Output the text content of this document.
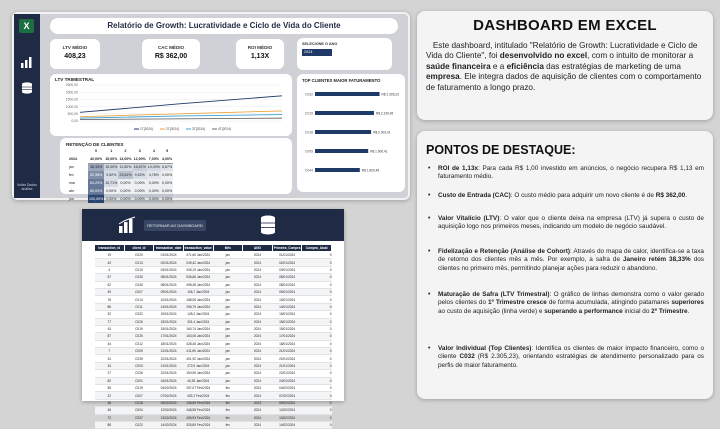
X
Voltar Dados análise
Relatório de Growth: Lucratividade e Ciclo de Vida do Cliente
LTV MÉDIO
408,23
CAC MÉDIO
R$ 362,00
ROI MÉDIO
1,13X
SELECIONE O ANO
2024
LTV TRIMESTRAL
2500,00
2000,00
1500,00
1000,00
500,00
0,00
1T(2024)	2T(2024)	3T(2024)	4T(2024)
TOP CLIENTES MAIOR FATURAMENTO
C032	R$ 2.305,23
C015	R$ 2.105,45
C018	R$ 2.003,41
C005	R$ 1.900,41
C044	R$ 1.600,45
RETENÇÃO DE CLIENTES
	0	1	2	3	4	5
2024	40,00%	15,00%	13,00%	12,00%	7,00%	4,00%
jan	38,33%	15,00%	11,50%	16,67%	10,00%	6,67%
fev	52,38%	9,52%	23,81%	9,52%	4,76%	0,00%
mar	64,29%	10,71%	0,00%	0,00%	0,00%	0,00%
abr	65,00%	0,00%	0,00%	0,00%	0,00%	0,00%
jun	100,00%	0,00%	0,00%	0,00%	0,00%	0,00%
RETORNAR AO DASHBOARD
transaction_id	client_id	transaction_date	transaction_value	Mês	ANO	Primeira_Compra	Compra_Atual
19	C020	01/01/2024	471,60 Jan/2024	jan	2024	01/01/2024	0
40	C013	02/01/2024	249,42 Jan/2024	jan	2024	02/01/2024	0
4	C010	03/01/2024	335,19 Jan/2024	jan	2024	03/01/2024	0
57	C030	08/01/2024	536,66 Jan/2024	jan	2024	08/01/2024	0
62	C045	08/01/2024	498,38 Jan/2024	jan	2024	08/01/2024	0
49	C007	09/01/2024	106,7 Jan/2024	jan	2024	09/01/2024	0
78	C014	10/01/2024	188,06 Jan/2024	jan	2024	10/01/2024	0
86	C011	14/01/2024	296,79 Jan/2024	jan	2024	14/01/2024	0
32	C032	15/01/2024	145,2 Jan/2024	jan	2024	15/01/2024	0
77	C026	15/01/2024	331,4 Jan/2024	jan	2024	15/01/2024	0
43	C019	15/01/2024	160,74 Jan/2024	jan	2024	15/01/2024	0
87	C025	17/01/2024	163,06 Jan/2024	jan	2024	17/01/2024	0
44	C012	18/01/2024	428,45 Jan/2024	jan	2024	18/01/2024	0
7	C009	21/01/2024	411,69 Jan/2024	jan	2024	21/01/2024	0
24	C039	22/01/2024	401,92 Jan/2024	jan	2024	22/01/2024	0
24	C003	21/01/2024	272,9 Jan/2024	jan	2024	21/01/2024	0
27	C026	22/01/2024	153,96 Jan/2024	jan	2024	22/01/2024	0
82	C001	24/01/2024	40,35 Jan/2024	jan	2024	24/01/2024	0
55	C019	04/02/2024	257,07 Fev/2024	fev	2024	04/02/2024	0
22	C007	07/02/2024	402,2 Fev/2024	fev	2024	07/02/2024	0
48	C016	09/02/2024	136,69 Fev/2024	fev	2024	09/02/2024	0
46	C004	12/02/2024	448,58 Fev/2024	fev	2024	12/02/2024	0
72	C037	13/02/2024	436,93 Fev/2024	fev	2024	13/02/2024	0
88	C022	14/02/2024	325,89 Fev/2024	fev	2024	14/02/2024	0
DASHBOARD EM EXCEL
Este dashboard, intitulado "Relatório de Growth: Lucratividade e Ciclo de Vida do Cliente", foi desenvolvido no excel, com o intuito de monitorar a saúde financeira e a eficiência das estratégias de marketing de uma empresa. Ele integra dados de aquisição de clientes com o comportamento de faturamento a longo prazo.
PONTOS DE DESTAQUE:
• ROI de 1,13x: Para cada R$ 1,00 investido em anúncios, o negócio recupera R$ 1,13 em faturamento médio.
• Custo de Entrada (CAC): O custo médio para adquirir um novo cliente é de R$ 362,00.
• Valor Vitalício (LTV): O valor que o cliente deixa na empresa (LTV) já supera o custo de aquisição logo nos primeiros meses, indicando um modelo de negócio saudável.
• Fidelização e Retenção (Análise de Cohort): Através do mapa de calor, identifica-se a taxa de retorno dos clientes mês a mês. Por exemplo, a safra de Janeiro retém 38,33% dos clientes no primeiro mês, permitindo planejar ações para reduzir o abandono.
• Maturação de Safra (LTV Trimestral): O gráfico de linhas demonstra como o valor gerado pelos clientes do 1º Trimestre cresce de forma acumulada, atingindo patamares superiores ao custo de aquisição (linha verde) e superando a performance inicial do 2º Trimestre.
• Valor Individual (Top Clientes): Identifica os clientes de maior impacto financeiro, como o cliente C032 (R$ 2.305,23), orientando estratégias de atendimento personalizado para os perfis de maior faturamento.
